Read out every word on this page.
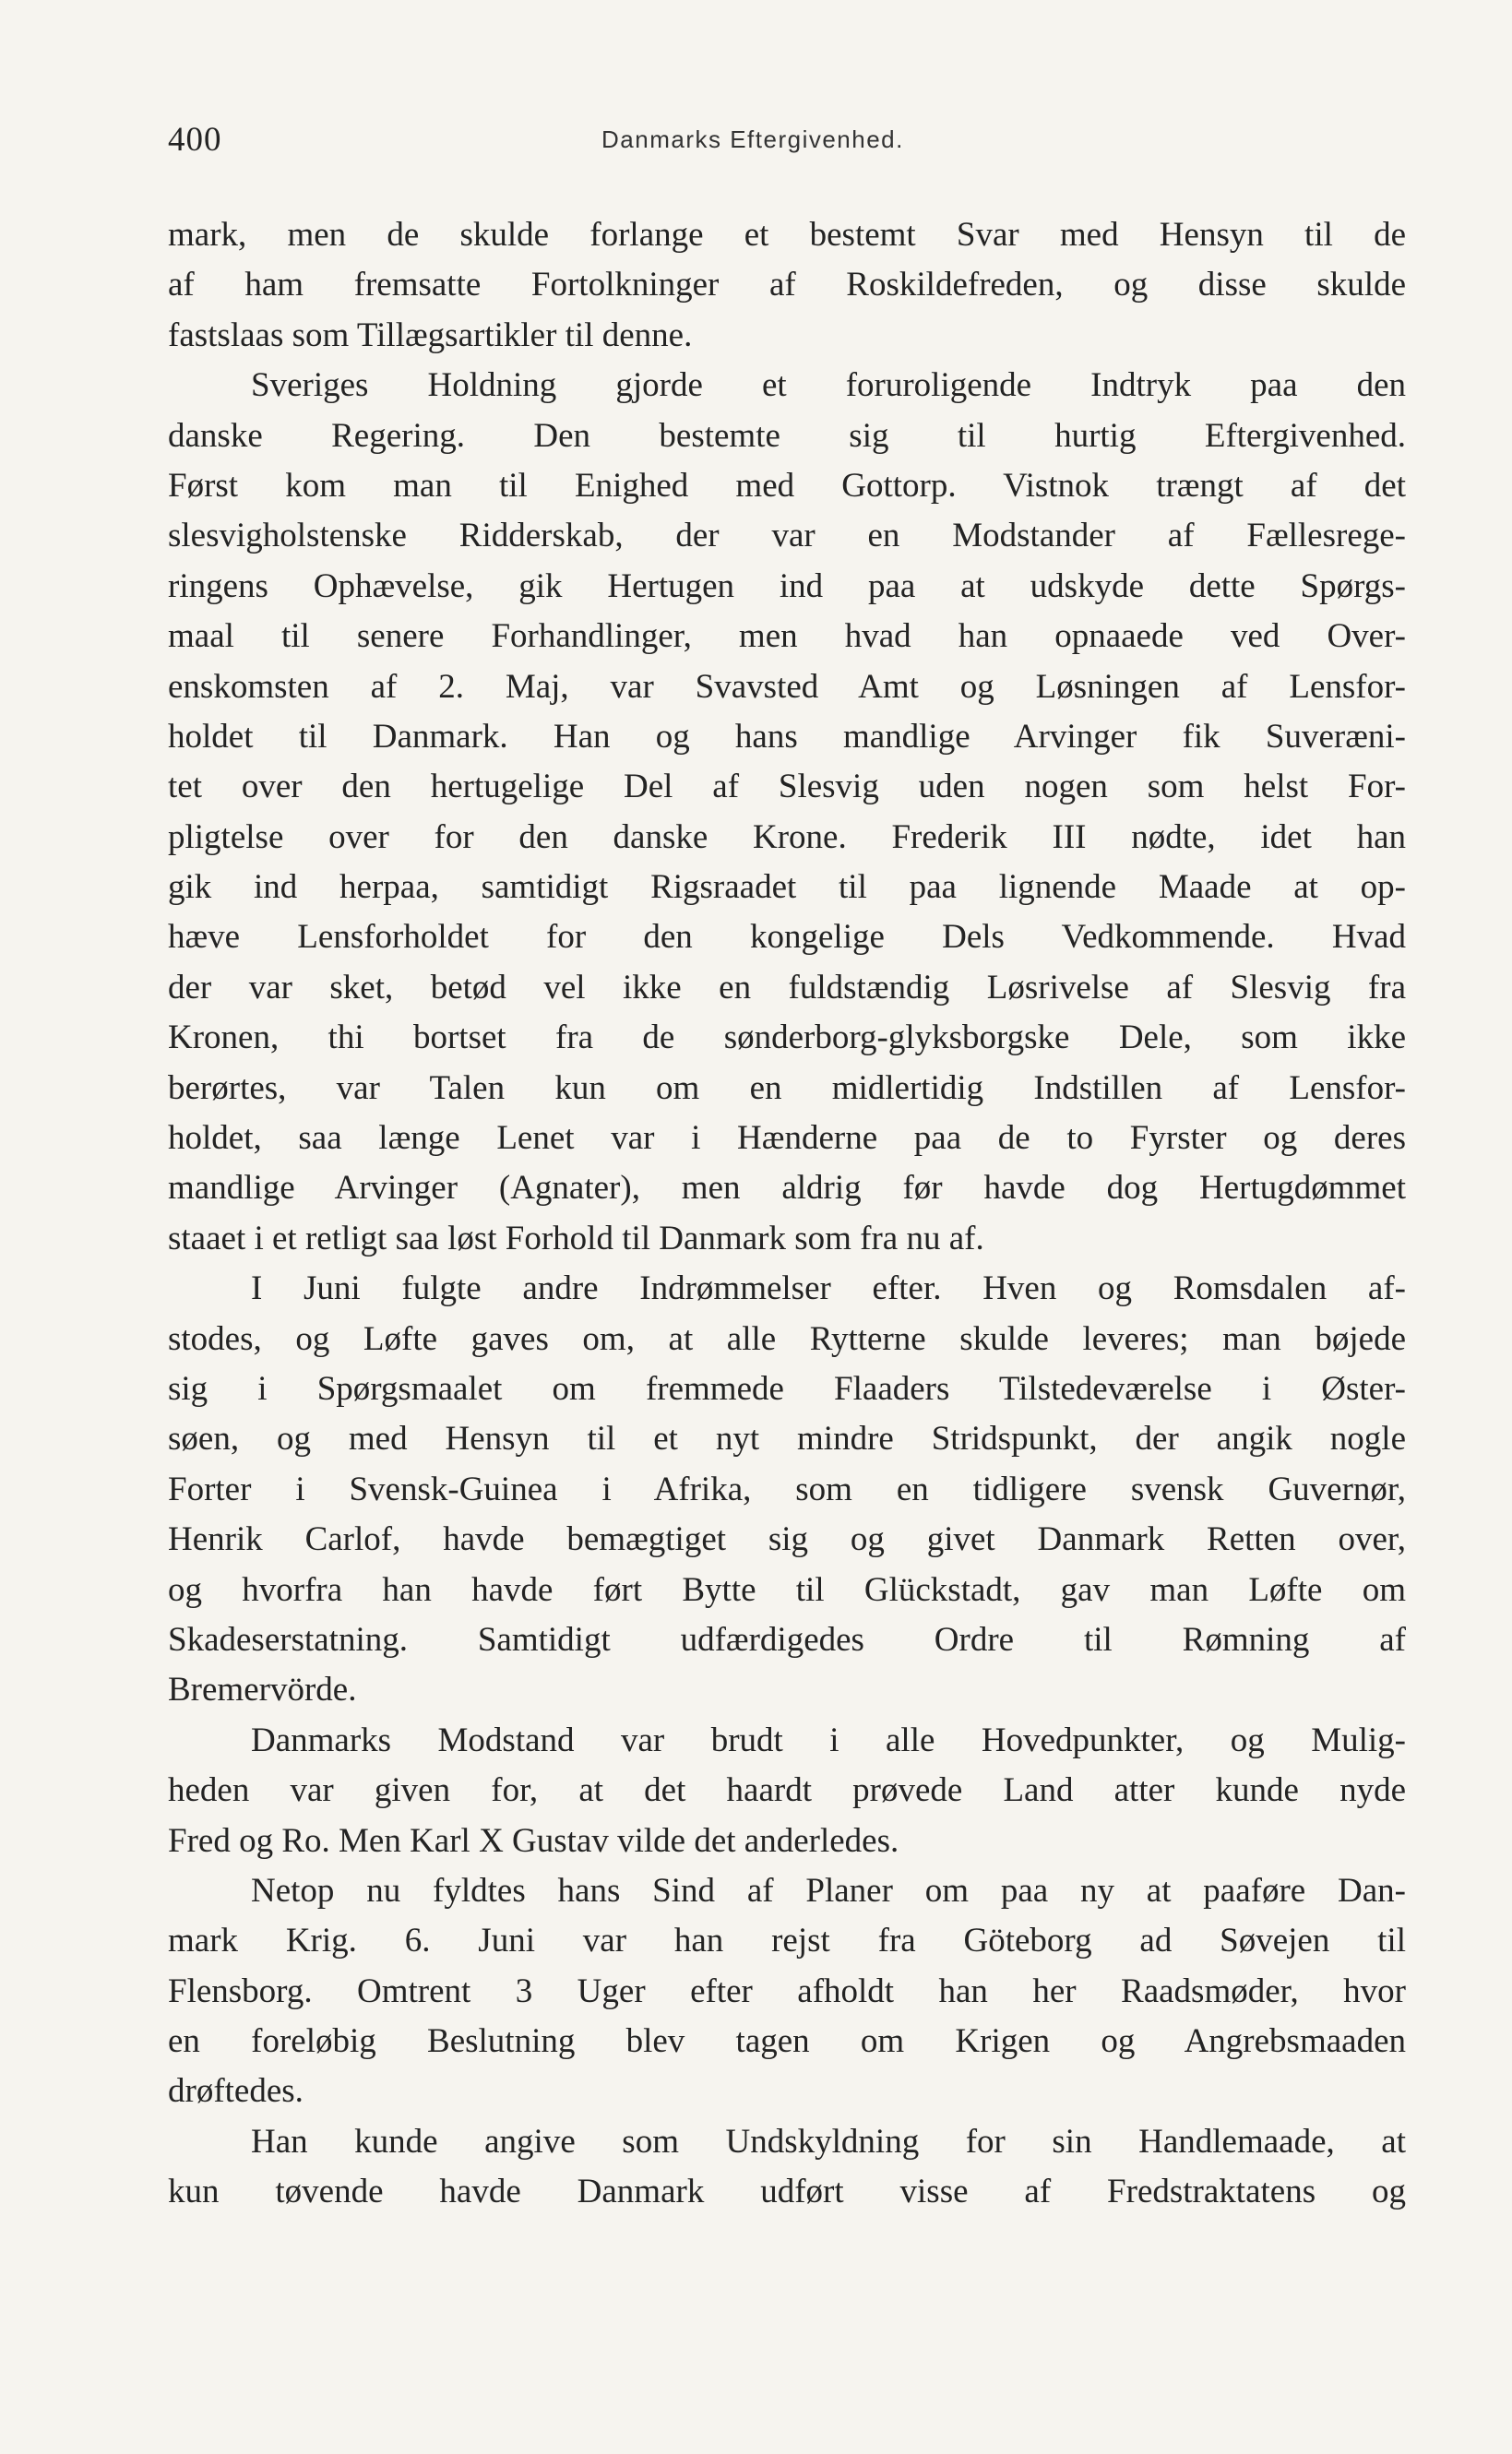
400	Danmarks Eftergivenhed.
mark, men de skulde forlange et bestemt Svar med Hensyn til de
af ham fremsatte Fortolkninger af Roskildefreden, og disse skulde
fastslaas som Tillægsartikler til denne.
Sveriges Holdning gjorde et foruroligende Indtryk paa den
danske Regering. Den bestemte sig til hurtig Eftergivenhed.
Først kom man til Enighed med Gottorp. Vistnok trængt af det
slesvigholstenske Ridderskab, der var en Modstander af Fællesrege-
ringens Ophævelse, gik Hertugen ind paa at udskyde dette Spørgs-
maal til senere Forhandlinger, men hvad han opnaaede ved Over-
enskomsten af 2. Maj, var Svavsted Amt og Løsningen af Lensfor-
holdet til Danmark. Han og hans mandlige Arvinger fik Suveræni-
tet over den hertugelige Del af Slesvig uden nogen som helst For-
pligtelse over for den danske Krone. Frederik III nødte, idet han
gik ind herpaa, samtidigt Rigsraadet til paa lignende Maade at op-
hæve Lensforholdet for den kongelige Dels Vedkommende. Hvad
der var sket, betød vel ikke en fuldstændig Løsrivelse af Slesvig fra
Kronen, thi bortset fra de sønderborg-glyksborgske Dele, som ikke
berørtes, var Talen kun om en midlertidig Indstillen af Lensfor-
holdet, saa længe Lenet var i Hænderne paa de to Fyrster og deres
mandlige Arvinger (Agnater), men aldrig før havde dog Hertugdømmet
staaet i et retligt saa løst Forhold til Danmark som fra nu af.
I Juni fulgte andre Indrømmelser efter. Hven og Romsdalen af-
stodes, og Løfte gaves om, at alle Rytterne skulde leveres; man bøjede
sig i Spørgsmaalet om fremmede Flaaders Tilstedeværelse i Øster-
søen, og med Hensyn til et nyt mindre Stridspunkt, der angik nogle
Forter i Svensk-Guinea i Afrika, som en tidligere svensk Guvernør,
Henrik Carlof, havde bemægtiget sig og givet Danmark Retten over,
og hvorfra han havde ført Bytte til Glückstadt, gav man Løfte om
Skadeserstatning. Samtidigt udfærdigedes Ordre til Rømning af
Bremervörde.
Danmarks Modstand var brudt i alle Hovedpunkter, og Mulig-
heden var given for, at det haardt prøvede Land atter kunde nyde
Fred og Ro. Men Karl X Gustav vilde det anderledes.
Netop nu fyldtes hans Sind af Planer om paa ny at paaføre Dan-
mark Krig. 6. Juni var han rejst fra Göteborg ad Søvejen til
Flensborg. Omtrent 3 Uger efter afholdt han her Raadsmøder, hvor
en foreløbig Beslutning blev tagen om Krigen og Angrebsmaaden
drøftedes.
Han kunde angive som Undskyldning for sin Handlemaade, at
kun tøvende havde Danmark udført visse af Fredstraktatens og
